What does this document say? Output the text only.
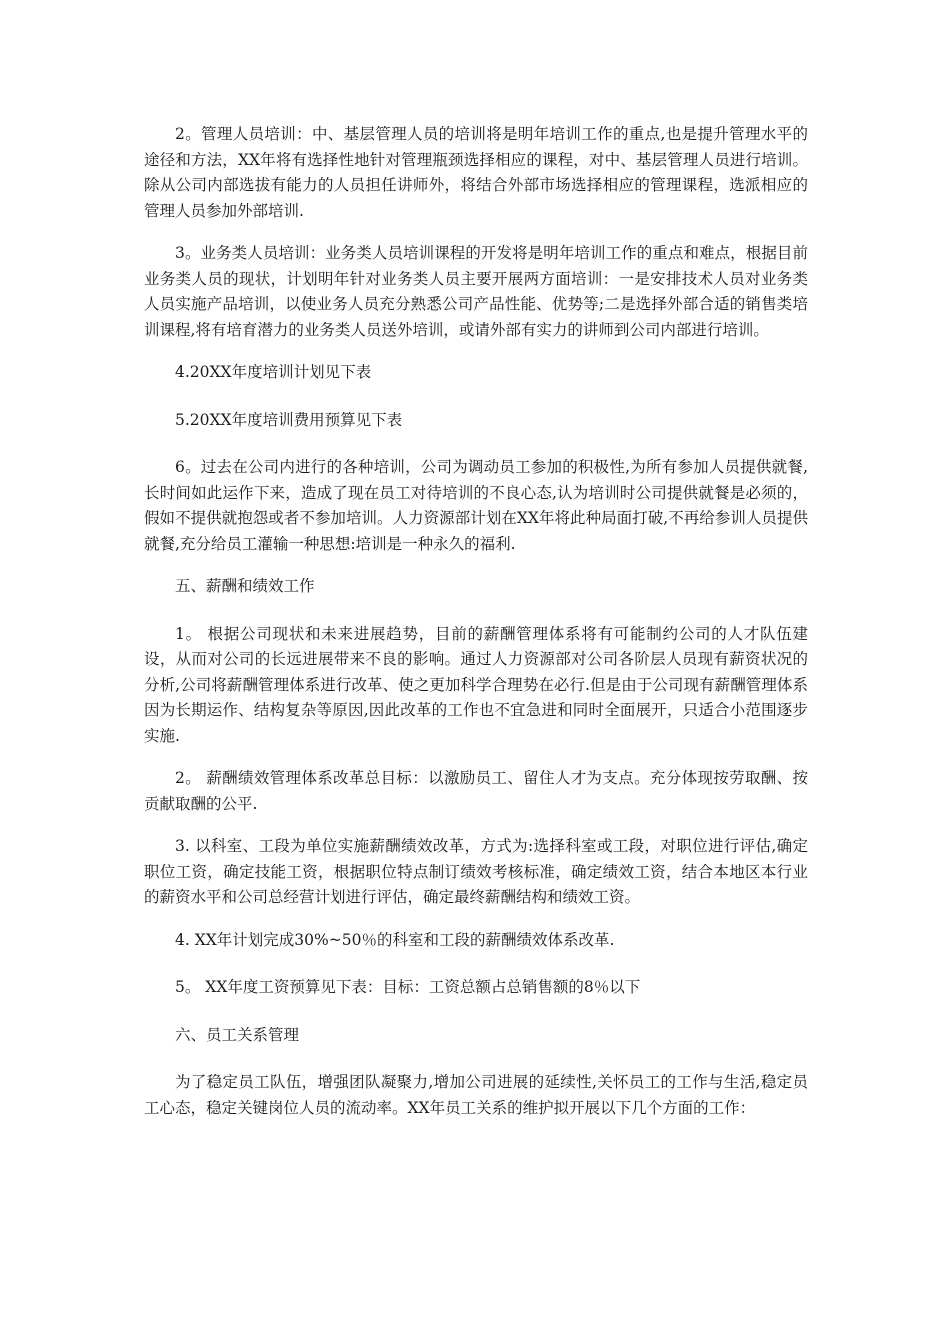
2。管理人员培训：中、基层管理人员的培训将是明年培训工作的重点,也是提升管理水平的途径和方法，XX年将有选择性地针对管理瓶颈选择相应的课程，对中、基层管理人员进行培训。除从公司内部选拔有能力的人员担任讲师外，将结合外部市场选择相应的管理课程，选派相应的管理人员参加外部培训.

3。业务类人员培训：业务类人员培训课程的开发将是明年培训工作的重点和难点，根据目前业务类人员的现状，计划明年针对业务类人员主要开展两方面培训：一是安排技术人员对业务类人员实施产品培训，以使业务人员充分熟悉公司产品性能、优势等;二是选择外部合适的销售类培训课程,将有培育潜力的业务类人员送外培训，或请外部有实力的讲师到公司内部进行培训。

4.20XX年度培训计划见下表

5.20XX年度培训费用预算见下表

6。过去在公司内进行的各种培训，公司为调动员工参加的积极性,为所有参加人员提供就餐,长时间如此运作下来，造成了现在员工对待培训的不良心态,认为培训时公司提供就餐是必须的，假如不提供就抱怨或者不参加培训。人力资源部计划在XX年将此种局面打破,不再给参训人员提供就餐,充分给员工灌输一种思想:培训是一种永久的福利.

五、薪酬和绩效工作

1。 根据公司现状和未来进展趋势，目前的薪酬管理体系将有可能制约公司的人才队伍建设，从而对公司的长远进展带来不良的影响。通过人力资源部对公司各阶层人员现有薪资状况的分析,公司将薪酬管理体系进行改革、使之更加科学合理势在必行.但是由于公司现有薪酬管理体系因为长期运作、结构复杂等原因,因此改革的工作也不宜急进和同时全面展开，只适合小范围逐步实施.

2。 薪酬绩效管理体系改革总目标：以激励员工、留住人才为支点。充分体现按劳取酬、按贡献取酬的公平.

3. 以科室、工段为单位实施薪酬绩效改革，方式为:选择科室或工段，对职位进行评估,确定职位工资，确定技能工资，根据职位特点制订绩效考核标准，确定绩效工资，结合本地区本行业的薪资水平和公司总经营计划进行评估，确定最终薪酬结构和绩效工资。

4. XX年计划完成30%~50％的科室和工段的薪酬绩效体系改革.

5。 XX年度工资预算见下表：目标：工资总额占总销售额的8％以下

六、员工关系管理

为了稳定员工队伍，增强团队凝聚力,增加公司进展的延续性,关怀员工的工作与生活,稳定员工心态，稳定关键岗位人员的流动率。XX年员工关系的维护拟开展以下几个方面的工作：
